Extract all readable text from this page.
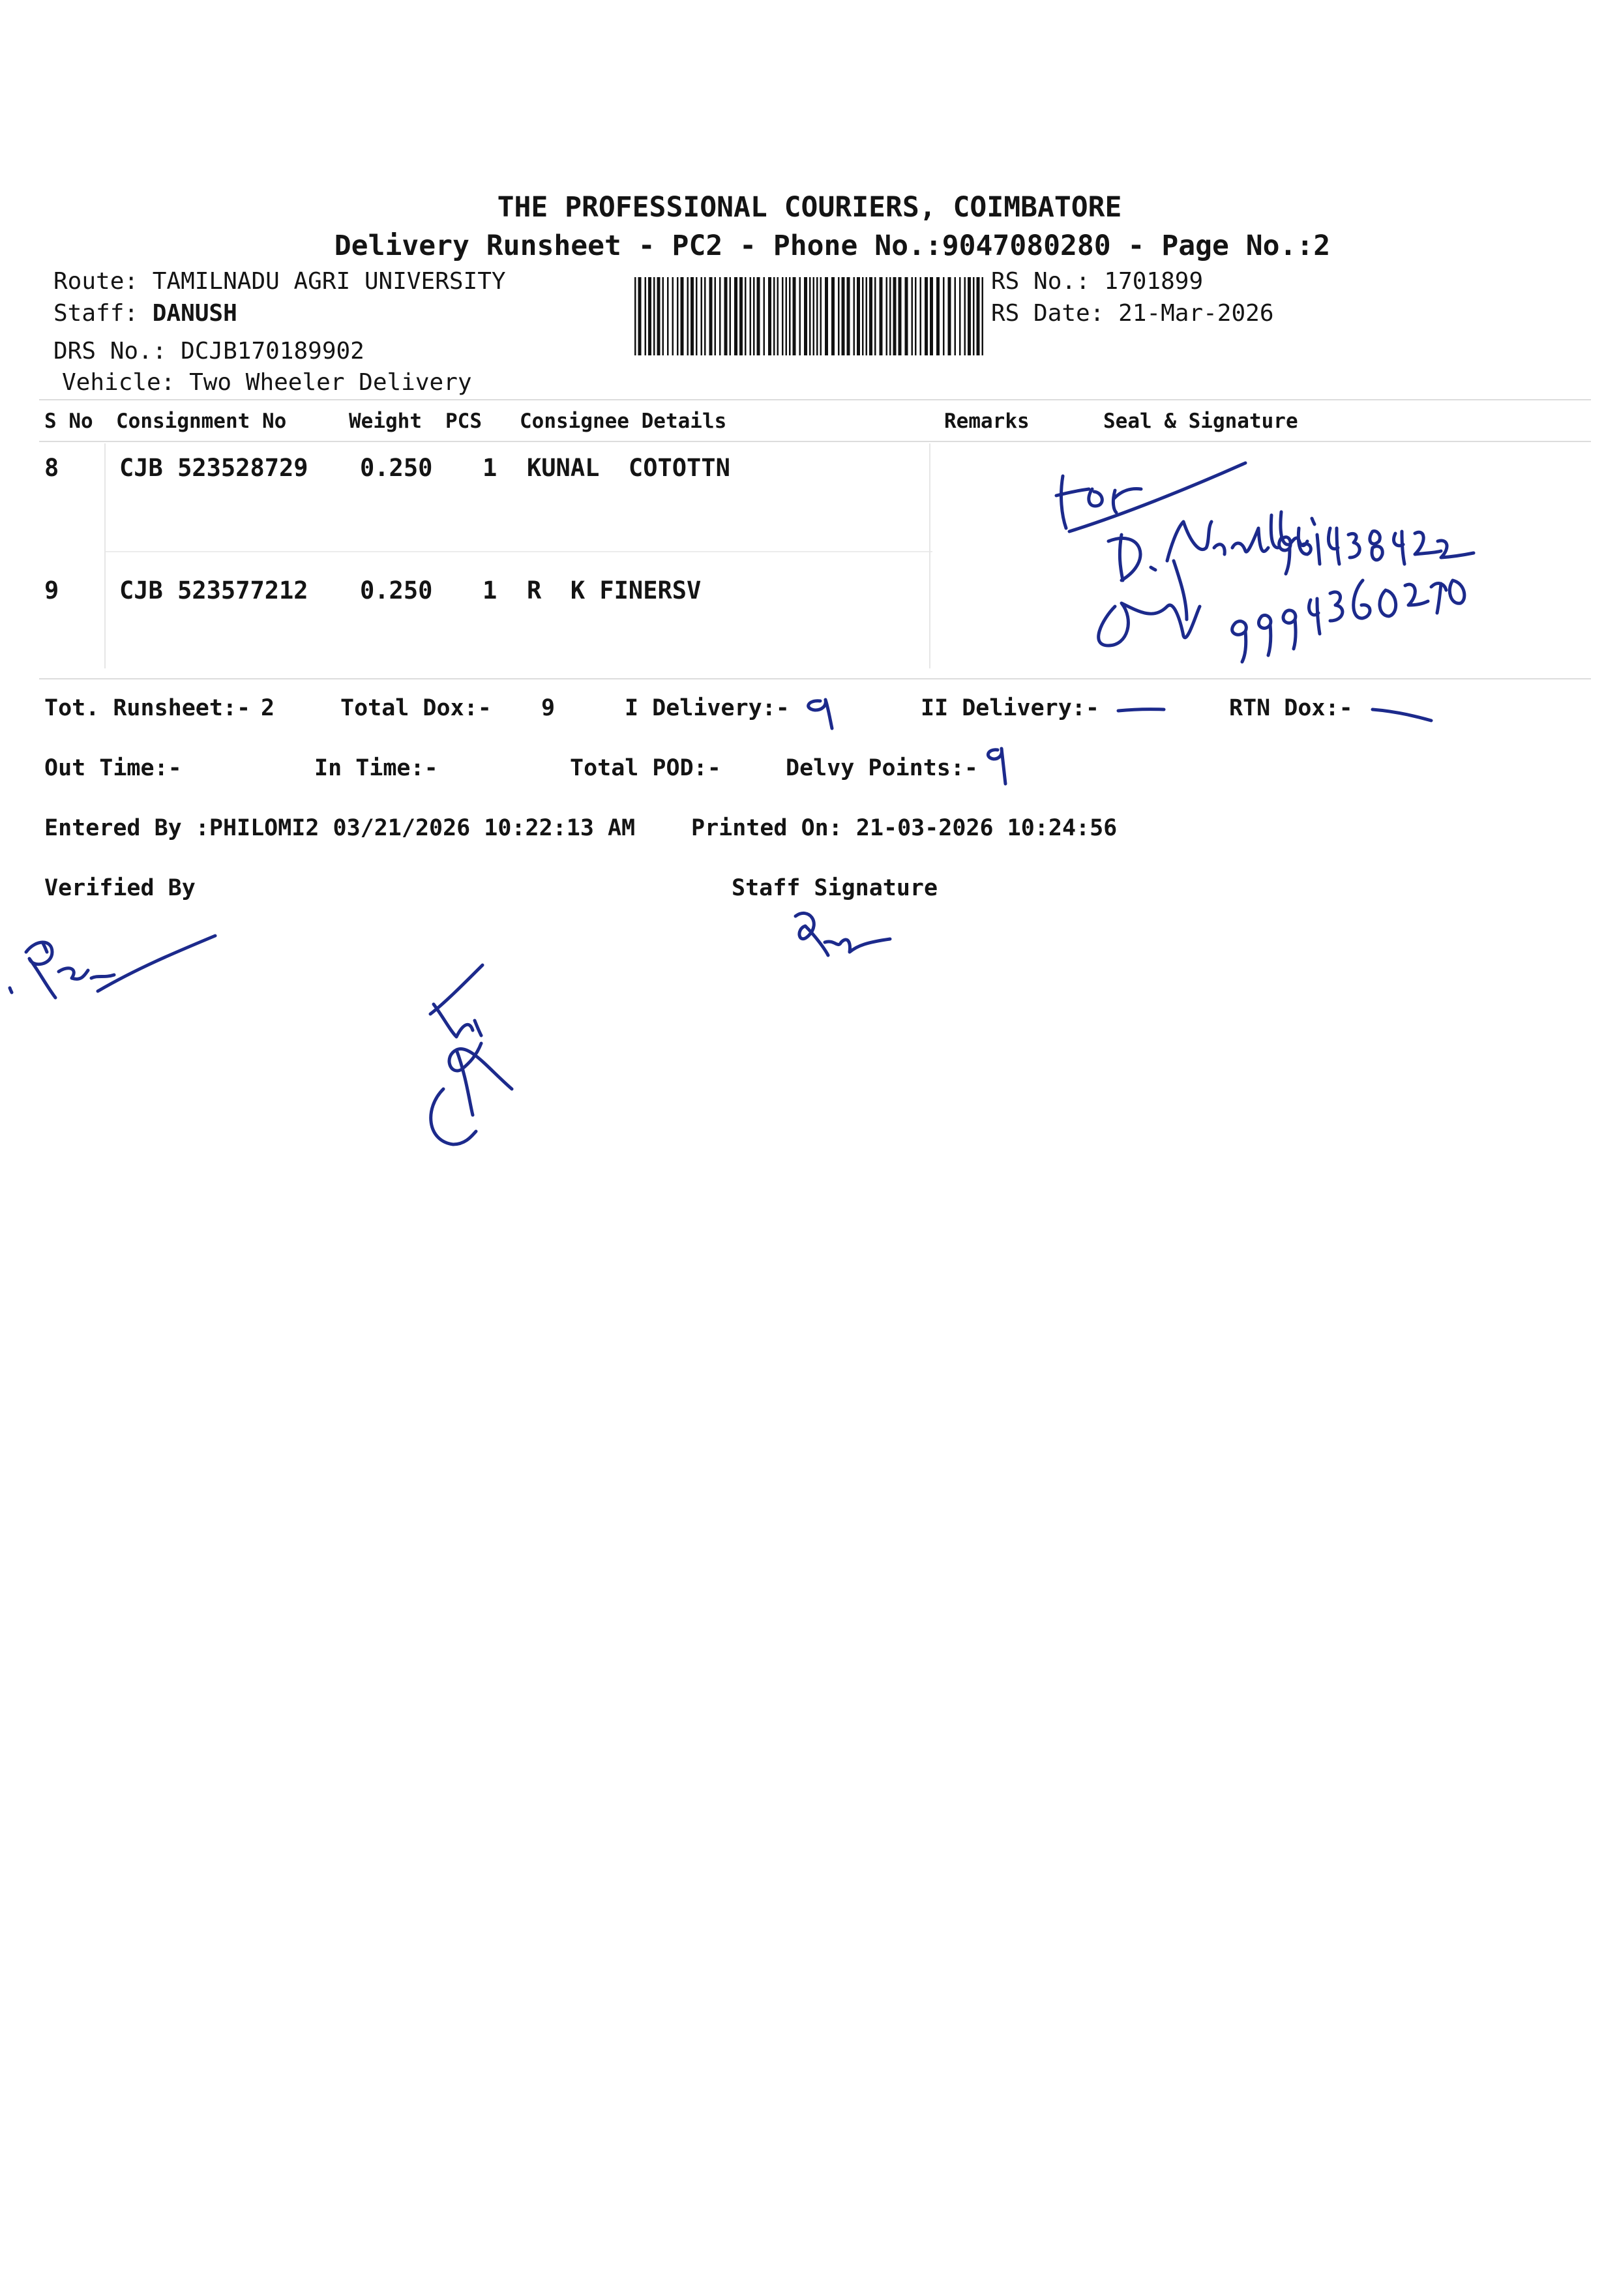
THE PROFESSIONAL COURIERS, COIMBATORE
Delivery Runsheet - PC2 - Phone No.:9047080280 - Page No.:2
Route: TAMILNADU AGRI UNIVERSITY
Staff: DANUSH
DRS No.: DCJB170189902
Vehicle: Two Wheeler Delivery
RS No.: 1701899
RS Date: 21-Mar-2026
S No Consignment No	Weight PCS Consignee Details	Remarks	Seal & Signature
8	CJB 523528729 0.250 1 KUNAL  COTOTTN
9	CJB 523577212 0.250 1 R  K FINERSV
Tot. Runsheet:- 2	Total Dox:- 9	I Delivery:-	II Delivery:-	RTN Dox:-
Out Time:-	In Time:-	Total POD:-	Delvy Points:-
Entered By :PHILOMI2 03/21/2026 10:22:13 AM Printed On: 21-03-2026 10:24:56
Verified By	Staff Signature
